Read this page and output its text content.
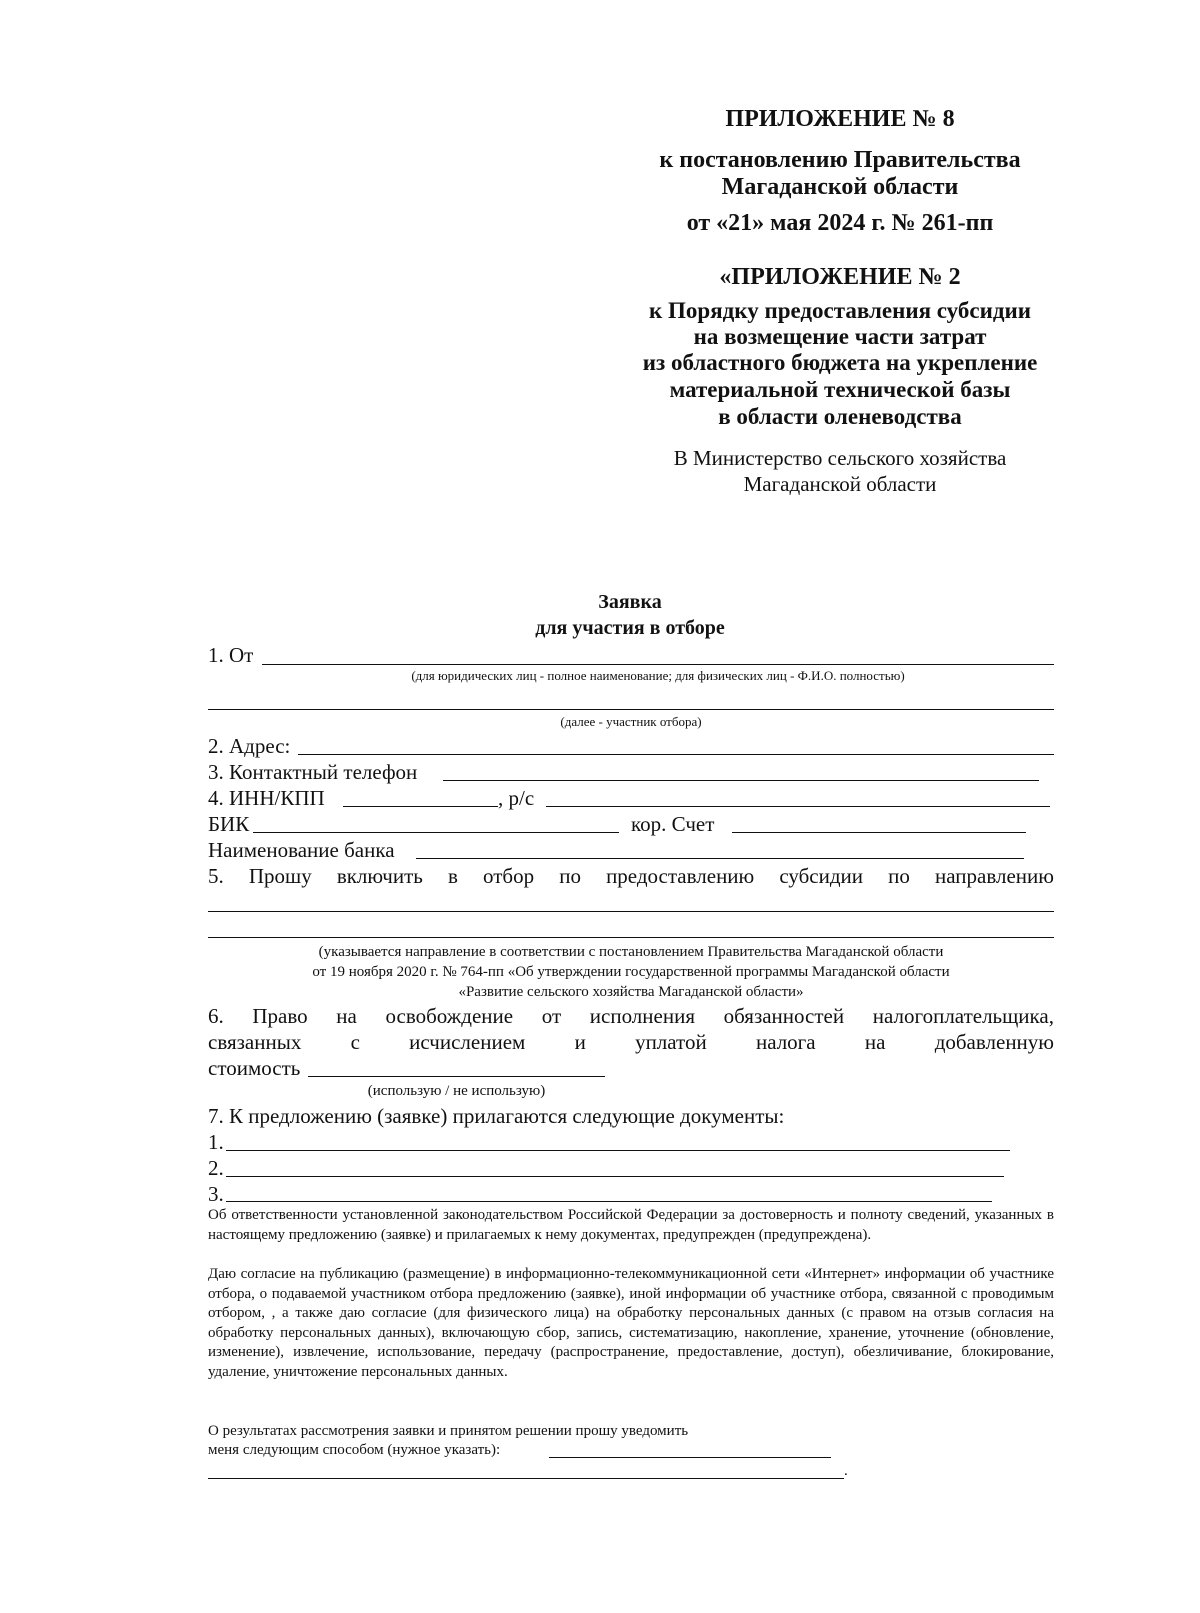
ПРИЛОЖЕНИЕ № 8
к постановлению Правительства
Магаданской области
от «21» мая 2024 г. № 261-пп
«ПРИЛОЖЕНИЕ № 2
к Порядку предоставления субсидии
на возмещение части затрат
из областного бюджета на укрепление
материальной технической базы
в области оленеводства
В Министерство сельского хозяйства
Магаданской области
Заявка
для участия в отборе
1. От
(для юридических лиц - полное наименование; для физических лиц - Ф.И.О. полностью)
(далее - участник отбора)
2. Адрес:
3. Контактный телефон
4. ИНН/КПП	, р/с
БИК	кор. Счет
Наименование банка
5. Прошу включить в отбор по предоставлению субсидии по направлению
(указывается направление в соответствии с постановлением Правительства Магаданской области
от 19 ноября 2020 г. № 764-пп «Об утверждении государственной программы Магаданской области
«Развитие сельского хозяйства Магаданской области»
6. Право на освобождение от исполнения обязанностей налогоплательщика,
связанных с исчислением и уплатой налога на добавленную
стоимость
(использую / не использую)
7. К предложению (заявке) прилагаются следующие документы:
1.
2.
3.
Об ответственности установленной законодательством Российской Федерации за достоверность и полноту сведений, указанных в настоящему предложению (заявке) и прилагаемых к нему документах, предупрежден (предупреждена).
Даю согласие на публикацию (размещение) в информационно-телекоммуникационной сети «Интернет» информации об участнике отбора, о подаваемой участником отбора предложению (заявке), иной информации об участнике отбора, связанной с проводимым отбором, , а также даю согласие (для физического лица) на обработку персональных данных (с правом на отзыв согласия на обработку персональных данных), включающую сбор, запись, систематизацию, накопление, хранение, уточнение (обновление, изменение), извлечение, использование, передачу (распространение, предоставление, доступ), обезличивание, блокирование, удаление, уничтожение персональных данных.
О результатах рассмотрения заявки и принятом решении прошу уведомить
меня следующим способом (нужное указать):
.
